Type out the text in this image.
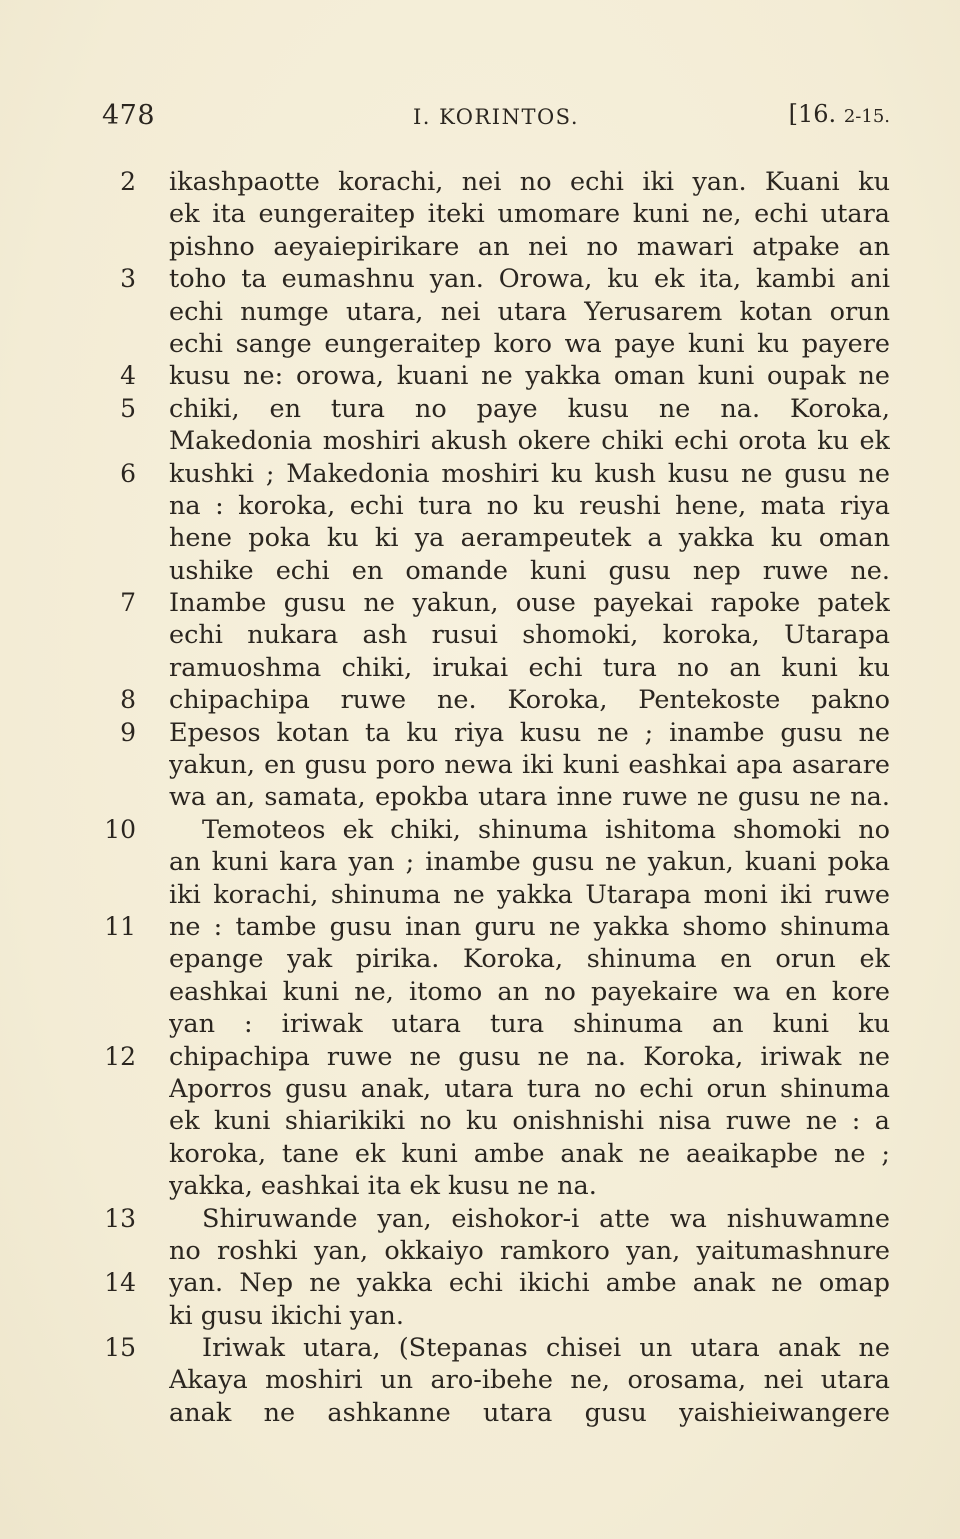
478	I. KORINTOS.	[16. 2-15.
2 ikashpaotte korachi, nei no echi iki yan. Kuani ku
ek ita eungeraitep iteki umomare kuni ne, echi utara
pishno aeyaiepirikare an nei no mawari atpake an
3 toho ta eumashnu yan. Orowa, ku ek ita, kambi ani
echi numge utara, nei utara Yerusarem kotan orun
echi sange eungeraitep koro wa paye kuni ku payere
4 kusu ne: orowa, kuani ne yakka oman kuni oupak ne
5 chiki, en tura no paye kusu ne na. Koroka,
Makedonia moshiri akush okere chiki echi orota ku ek
6 kushki ; Makedonia moshiri ku kush kusu ne gusu ne
na : koroka, echi tura no ku reushi hene, mata riya
hene poka ku ki ya aerampeutek a yakka ku oman
ushike echi en omande kuni gusu nep ruwe ne.
7 Inambe gusu ne yakun, ouse payekai rapoke patek
echi nukara ash rusui shomoki, koroka, Utarapa
ramuoshma chiki, irukai echi tura no an kuni ku
8 chipachipa ruwe ne. Koroka, Pentekoste pakno
9 Epesos kotan ta ku riya kusu ne ; inambe gusu ne
yakun, en gusu poro newa iki kuni eashkai apa asarare
wa an, samata, epokba utara inne ruwe ne gusu ne na.
10	Temoteos ek chiki, shinuma ishitoma shomoki no
an kuni kara yan ; inambe gusu ne yakun, kuani poka
iki korachi, shinuma ne yakka Utarapa moni iki ruwe
11 ne : tambe gusu inan guru ne yakka shomo shinuma
epange yak pirika. Koroka, shinuma en orun ek
eashkai kuni ne, itomo an no payekaire wa en kore
yan : iriwak utara tura shinuma an kuni ku
12 chipachipa ruwe ne gusu ne na. Koroka, iriwak ne
Aporros gusu anak, utara tura no echi orun shinuma
ek kuni shiarikiki no ku onishnishi nisa ruwe ne : a
koroka, tane ek kuni ambe anak ne aeaikapbe ne ;
yakka, eashkai ita ek kusu ne na.
13	Shiruwande yan, eishokor-i atte wa nishuwamne
no roshki yan, okkaiyo ramkoro yan, yaitumashnure
14 yan. Nep ne yakka echi ikichi ambe anak ne omap
ki gusu ikichi yan.
15	Iriwak utara, (Stepanas chisei un utara anak ne
Akaya moshiri un aro-ibehe ne, orosama, nei utara
anak ne ashkanne utara gusu yaishieiwangere
